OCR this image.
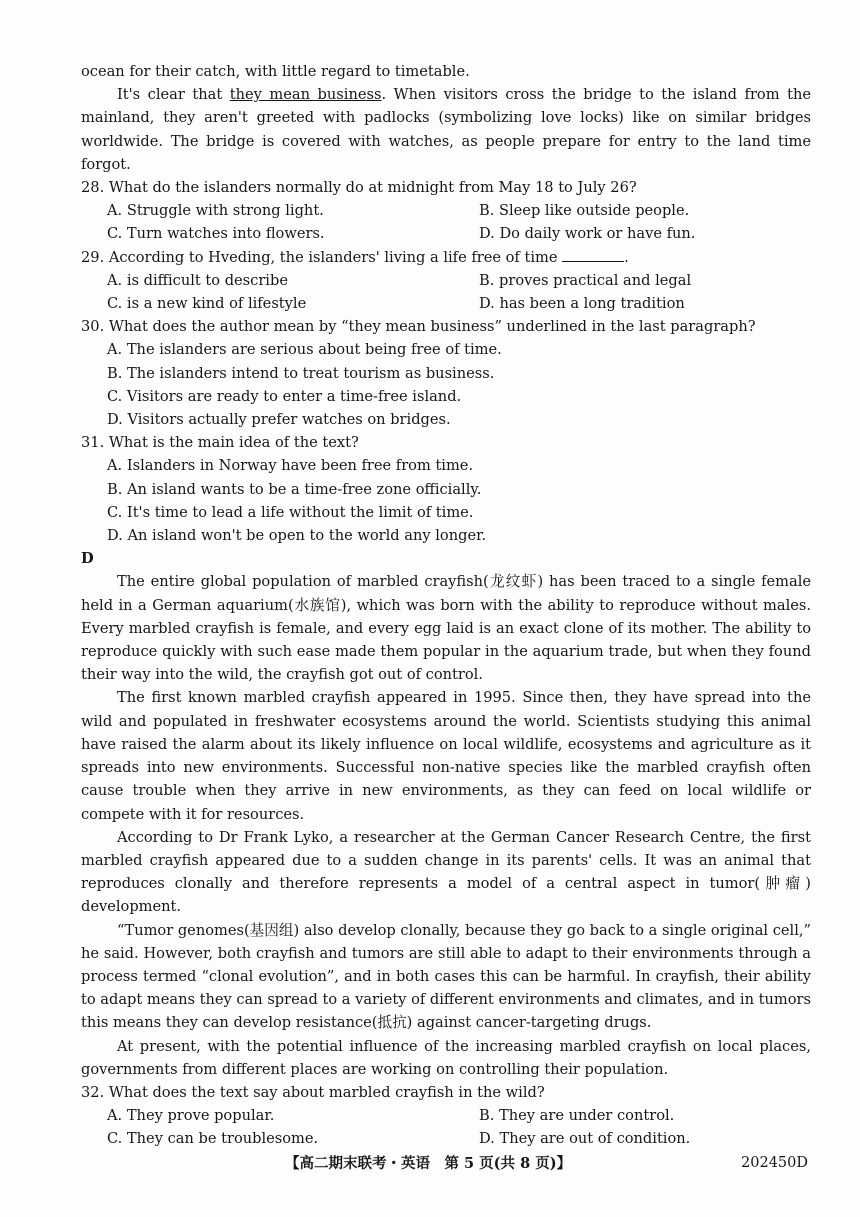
ocean for their catch, with little regard to timetable.

It's clear that they mean business. When visitors cross the bridge to the island from the mainland, they aren't greeted with padlocks (symbolizing love locks) like on similar bridges worldwide. The bridge is covered with watches, as people prepare for entry to the land time forgot.

28. What do the islanders normally do at midnight from May 18 to July 26?

A. Struggle with strong light.	B. Sleep like outside people.

C. Turn watches into flowers.	D. Do daily work or have fun.

29. According to Hveding, the islanders' living a life free of time	.

A. is difficult to describe	B. proves practical and legal

C. is a new kind of lifestyle	D. has been a long tradition

30. What does the author mean by “they mean business” underlined in the last paragraph?

A. The islanders are serious about being free of time.

B. The islanders intend to treat tourism as business.

C. Visitors are ready to enter a time-free island.

D. Visitors actually prefer watches on bridges.

31. What is the main idea of the text?

A. Islanders in Norway have been free from time.

B. An island wants to be a time-free zone officially.

C. It's time to lead a life without the limit of time.

D. An island won't be open to the world any longer.

D

The entire global population of marbled crayfish(龙纹虾) has been traced to a single female held in a German aquarium(水族馆), which was born with the ability to reproduce without males. Every marbled crayfish is female, and every egg laid is an exact clone of its mother. The ability to reproduce quickly with such ease made them popular in the aquarium trade, but when they found their way into the wild, the crayfish got out of control.

The first known marbled crayfish appeared in 1995. Since then, they have spread into the wild and populated in freshwater ecosystems around the world. Scientists studying this animal have raised the alarm about its likely influence on local wildlife, ecosystems and agriculture as it spreads into new environments. Successful non-native species like the marbled crayfish often cause trouble when they arrive in new environments, as they can feed on local wildlife or compete with it for resources.

According to Dr Frank Lyko, a researcher at the German Cancer Research Centre, the first marbled crayfish appeared due to a sudden change in its parents' cells. It was an animal that reproduces clonally and therefore represents a model of a central aspect in tumor(肿瘤) development.

“Tumor genomes(基因组) also develop clonally, because they go back to a single original cell,” he said. However, both crayfish and tumors are still able to adapt to their environments through a process termed “clonal evolution”, and in both cases this can be harmful. In crayfish, their ability to adapt means they can spread to a variety of different environments and climates, and in tumors this means they can develop resistance(抵抗) against cancer-targeting drugs.

At present, with the potential influence of the increasing marbled crayfish on local places, governments from different places are working on controlling their population.

32. What does the text say about marbled crayfish in the wild?

A. They prove popular.	B. They are under control.

C. They can be troublesome.	D. They are out of condition.

【高二期末联考・英语　第 5 页(共 8 页)】	202450D
